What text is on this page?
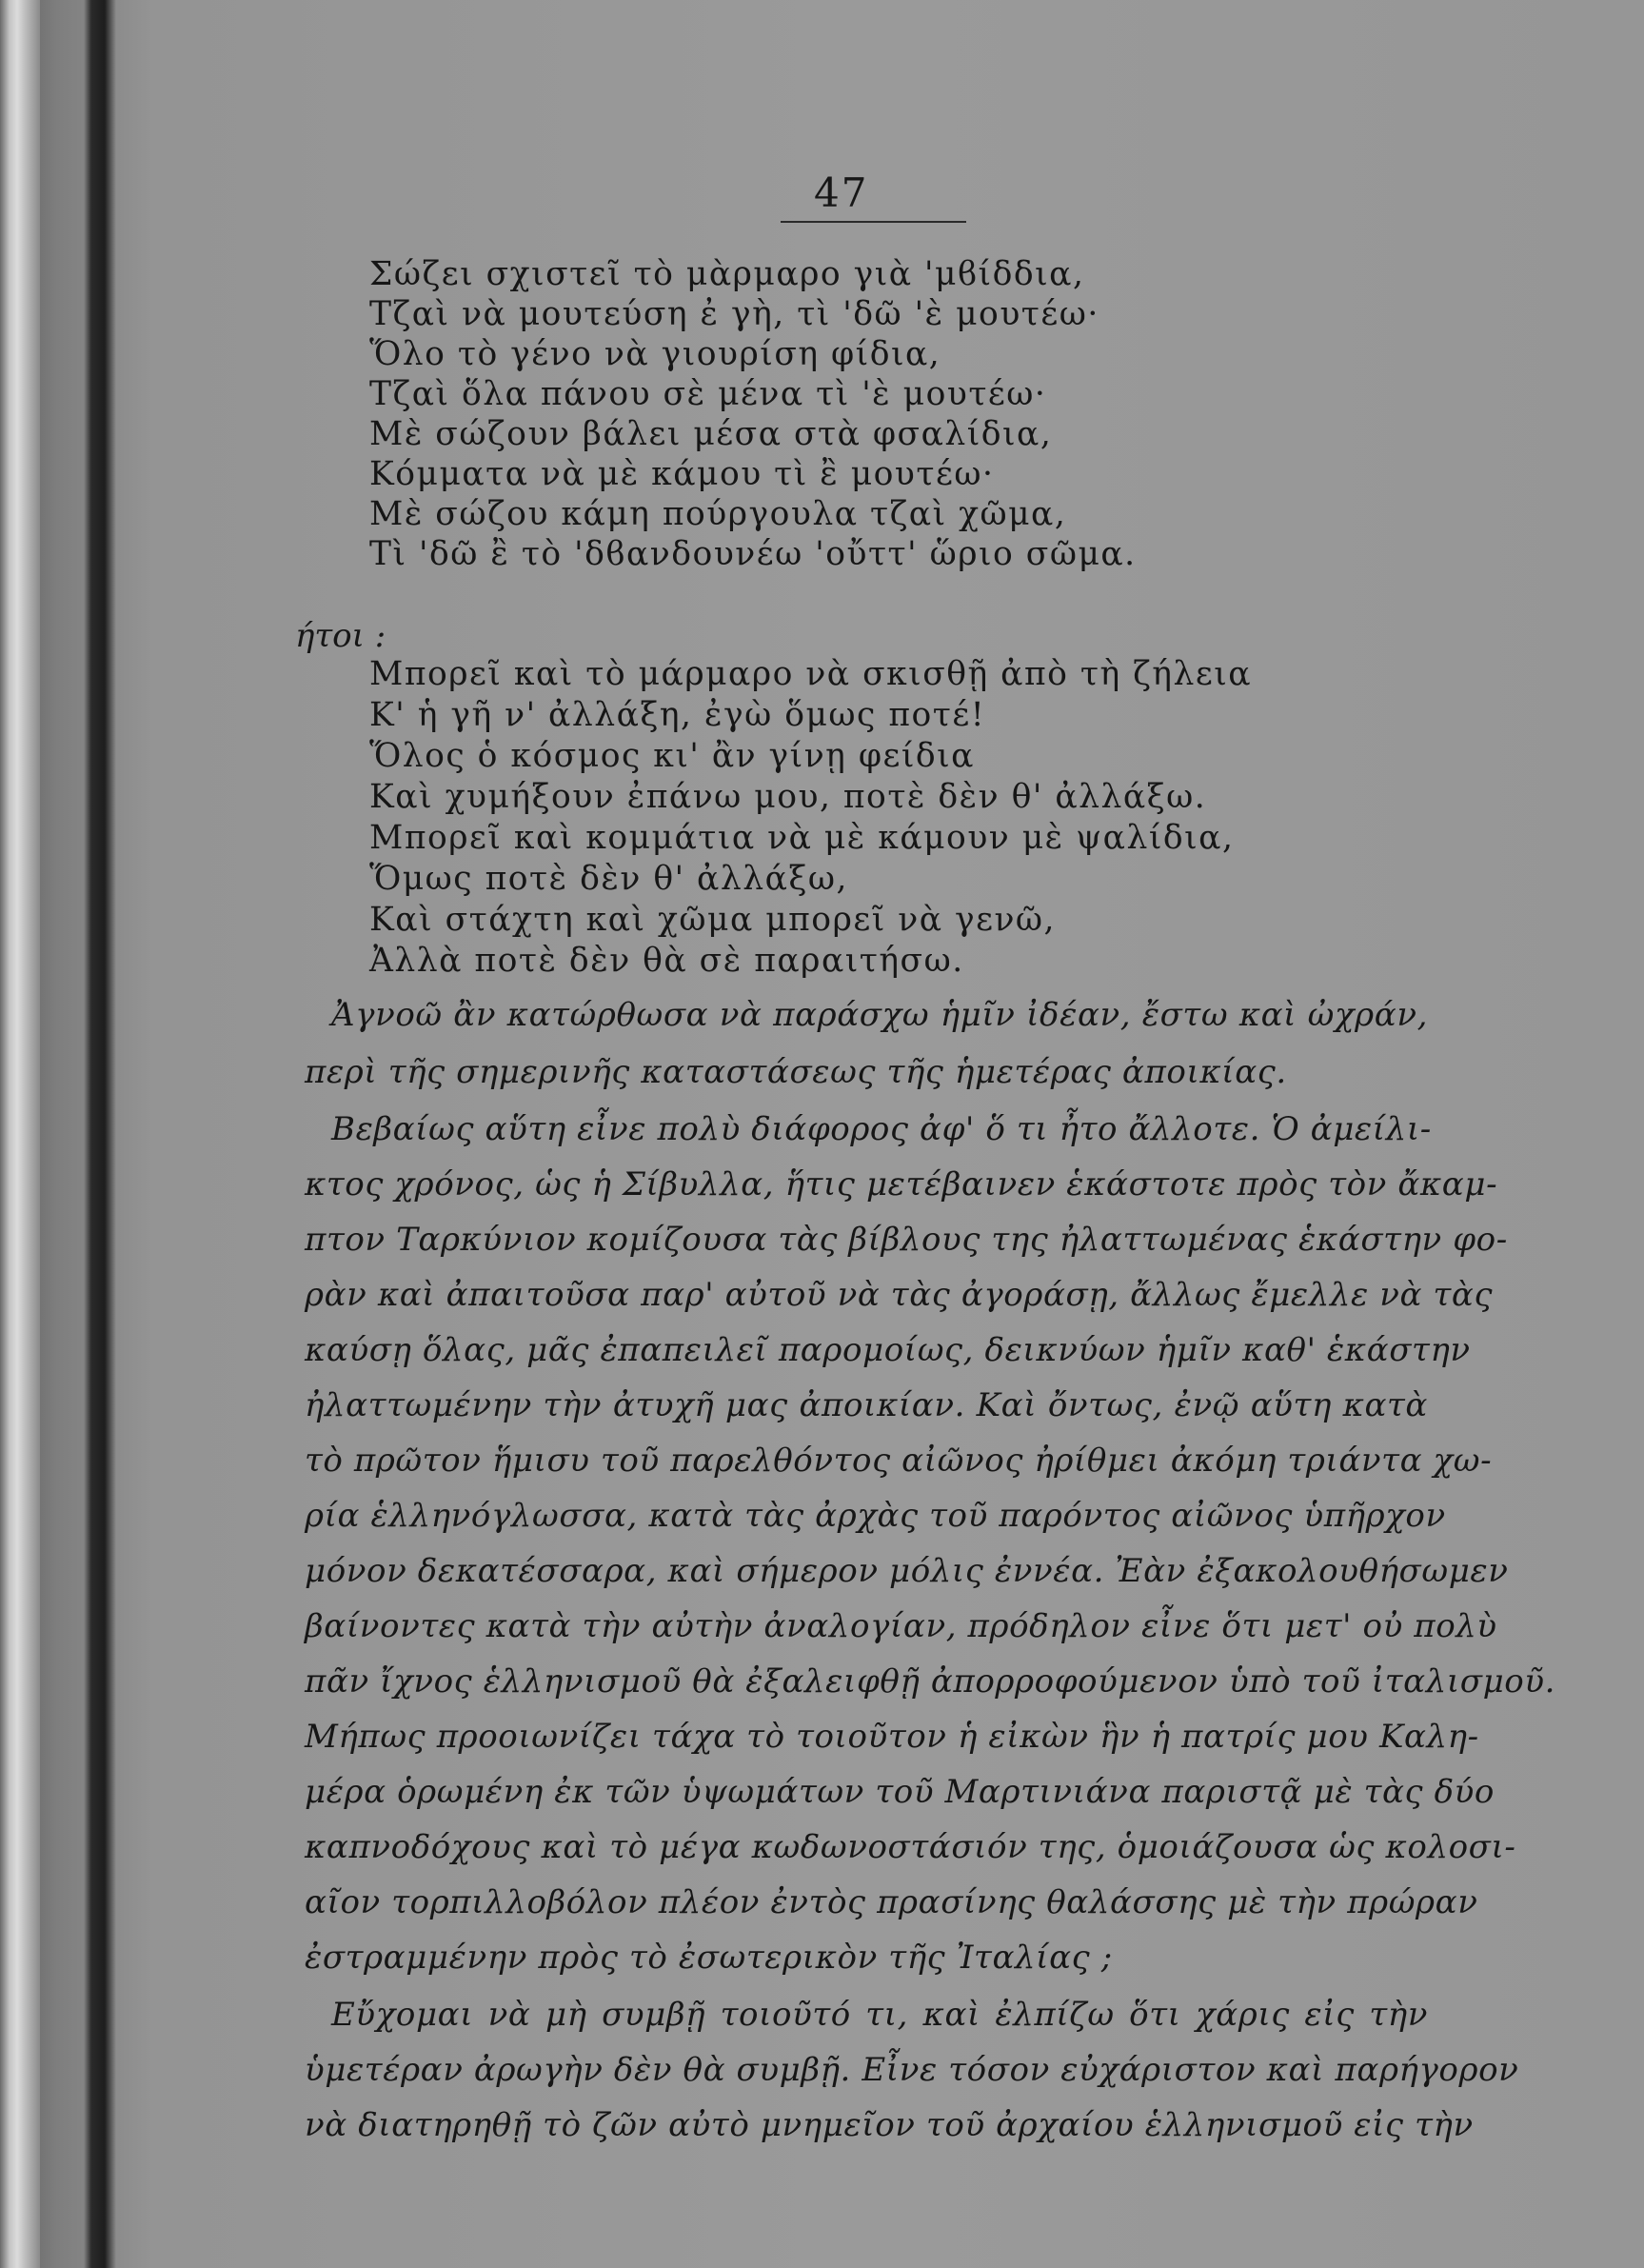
47
Σώζει σχιστεῖ τὸ μὰρμαρο γιὰ 'μϐίδδια,
Τζαὶ νὰ μουτεύση ἐ γὴ, τὶ 'δῶ 'ὲ μουτέω·
Ὅλο τὸ γένο νὰ γιουρίση φίδια,
Τζαὶ ὅλα πάνου σὲ μένα τὶ 'ὲ μουτέω·
Μὲ σώζουν βάλει μέσα στὰ φσαλίδια,
Κόμματα νὰ μὲ κάμου τὶ ἒ μουτέω·
Μὲ σώζου κάμη πούργουλα τζαὶ χῶμα,
Τὶ 'δῶ ἒ τὸ 'δϐανδουνέω 'οὔττ' ὥριο σῶμα.
ήτοι :
Μπορεῖ καὶ τὸ μάρμαρο νὰ σκισθῇ ἀπὸ τὴ ζήλεια
Κ' ἡ γῆ ν' ἀλλάξη, ἐγὼ ὅμως ποτέ!
Ὅλος ὁ κόσμος κι' ἂν γίνῃ φείδια
Καὶ χυμήξουν ἐπάνω μου, ποτὲ δὲν θ' ἀλλάξω.
Μπορεῖ καὶ κομμάτια νὰ μὲ κάμουν μὲ ψαλίδια,
Ὅμως ποτὲ δὲν θ' ἀλλάξω,
Καὶ στάχτη καὶ χῶμα μπορεῖ νὰ γενῶ,
Ἀλλὰ ποτὲ δὲν θὰ σὲ παραιτήσω.
Ἀγνοῶ ἂν κατώρθωσα νὰ παράσχω ἡμῖν ἰδέαν, ἔστω καὶ ὠχράν,
περὶ τῆς σημερινῆς καταστάσεως τῆς ἡμετέρας ἀποικίας.
Βεβαίως αὕτη εἶνε πολὺ διάφορος ἀφ' ὅ τι ἦτο ἄλλοτε. Ὁ ἀμείλι-
κτος χρόνος, ὡς ἡ Σίβυλλα, ἥτις μετέβαινεν ἑκάστοτε πρὸς τὸν ἄκαμ-
πτον Ταρκύνιον κομίζουσα τὰς βίβλους της ἠλαττωμένας ἑκάστην φο-
ρὰν καὶ ἀπαιτοῦσα παρ' αὐτοῦ νὰ τὰς ἀγοράσῃ, ἄλλως ἔμελλε νὰ τὰς
καύσῃ ὅλας, μᾶς ἐπαπειλεῖ παρομοίως, δεικνύων ἡμῖν καθ' ἑκάστην
ἠλαττωμένην τὴν ἀτυχῆ μας ἀποικίαν. Καὶ ὄντως, ἐνῷ αὕτη κατὰ
τὸ πρῶτον ἥμισυ τοῦ παρελθόντος αἰῶνος ἠρίθμει ἀκόμη τριάντα χω-
ρία ἑλληνόγλωσσα, κατὰ τὰς ἀρχὰς τοῦ παρόντος αἰῶνος ὑπῆρχον
μόνον δεκατέσσαρα, καὶ σήμερον μόλις ἐννέα. Ἐὰν ἐξακολουθήσωμεν
βαίνοντες κατὰ τὴν αὐτὴν ἀναλογίαν, πρόδηλον εἶνε ὅτι μετ' οὐ πολὺ
πᾶν ἴχνος ἑλληνισμοῦ θὰ ἐξαλειφθῇ ἀπορροφούμενον ὑπὸ τοῦ ἰταλισμοῦ.
Μήπως προοιωνίζει τάχα τὸ τοιοῦτον ἡ εἰκὼν ἣν ἡ πατρίς μου Καλη-
μέρα ὁρωμένη ἐκ τῶν ὑψωμάτων τοῦ Μαρτινιάνα παριστᾷ μὲ τὰς δύο
καπνοδόχους καὶ τὸ μέγα κωδωνοστάσιόν της, ὁμοιάζουσα ὡς κολοσι-
αῖον τορπιλλοβόλον πλέον ἐντὸς πρασίνης θαλάσσης μὲ τὴν πρώραν
ἐστραμμένην πρὸς τὸ ἐσωτερικὸν τῆς Ἰταλίας ;
Εὔχομαι νὰ μὴ συμβῇ τοιοῦτό τι, καὶ ἐλπίζω ὅτι χάρις εἰς τὴν
ὑμετέραν ἀρωγὴν δὲν θὰ συμβῇ. Εἶνε τόσον εὐχάριστον καὶ παρήγορον
νὰ διατηρηθῇ τὸ ζῶν αὐτὸ μνημεῖον τοῦ ἀρχαίου ἑλληνισμοῦ εἰς τὴν
